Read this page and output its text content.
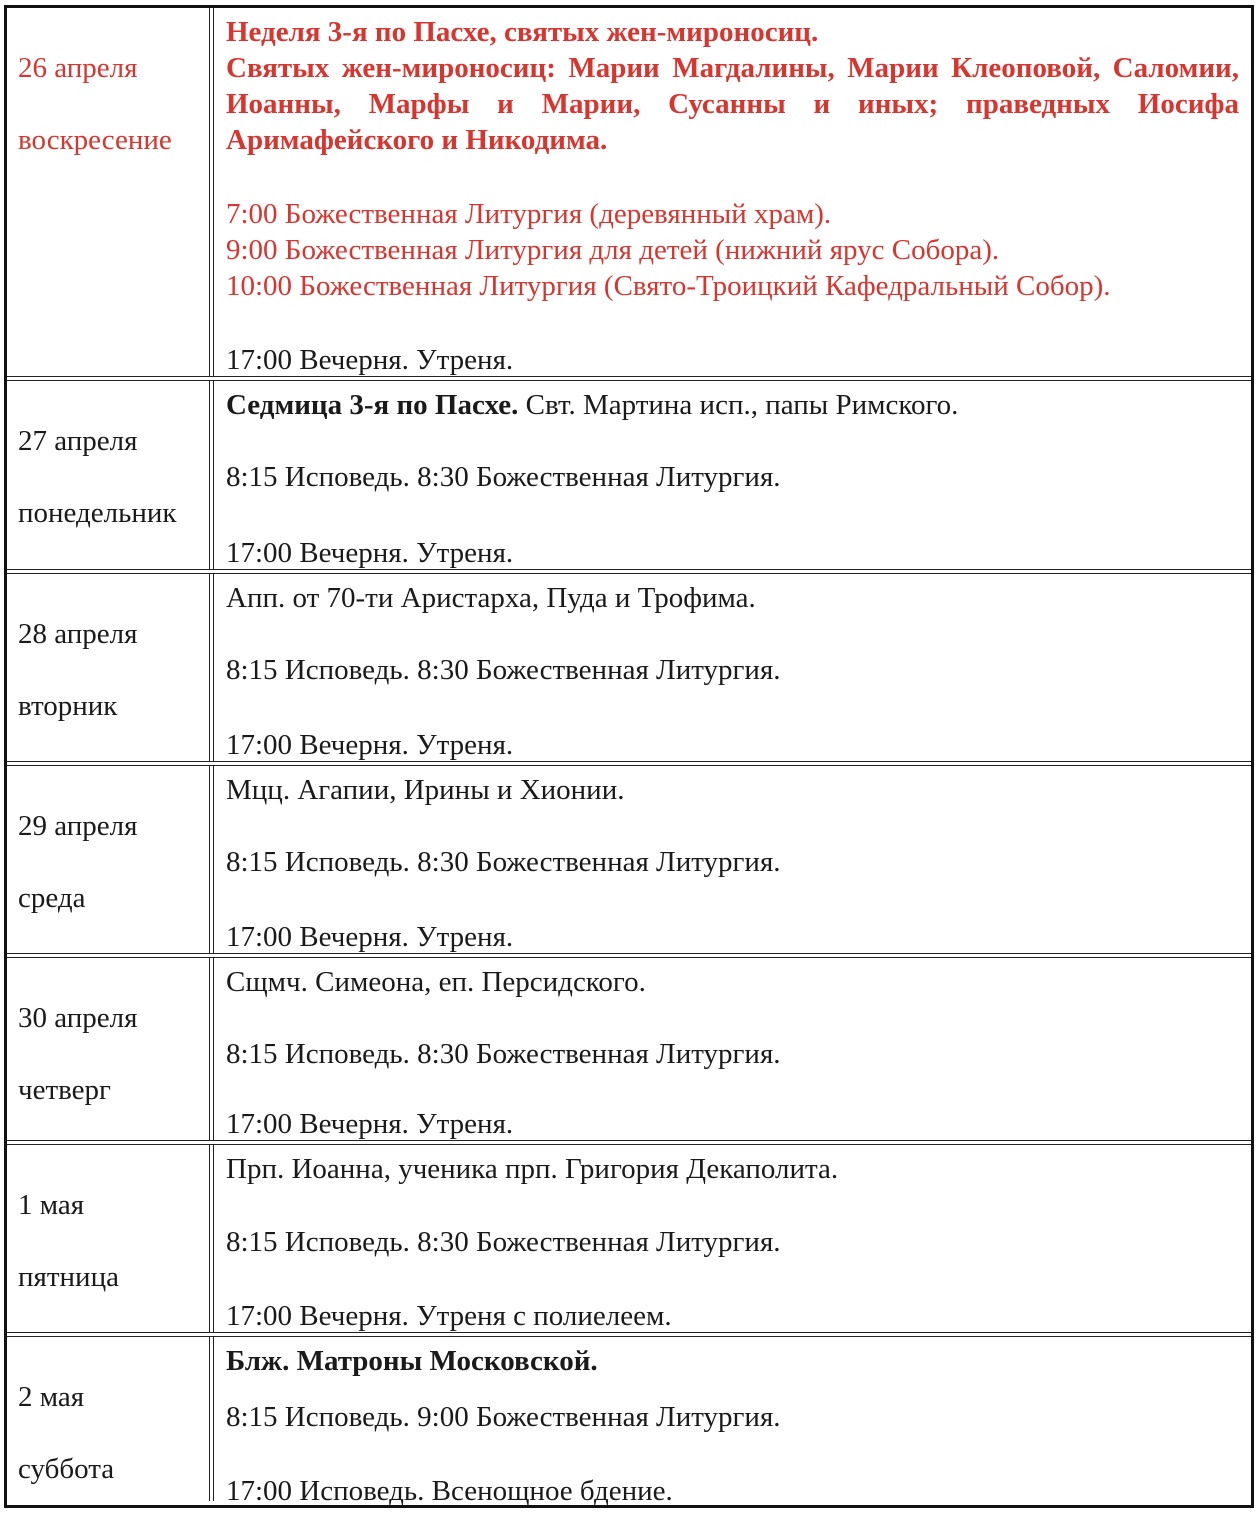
26 апреля

воскресение

Неделя 3-я по Пасхе, святых жен-мироносиц.
Святых жен-мироносиц: Марии Магдалины, Марии Клеоповой, Саломии, Иоанны, Марфы и Марии, Сусанны и иных; праведных Иосифа Аримафейского и Никодима.
7:00 Божественная Литургия (деревянный храм).
9:00 Божественная Литургия для детей (нижний ярус Собора).
10:00 Божественная Литургия (Свято-Троицкий Кафедральный Собор).
17:00 Вечерня. Утреня.

27 апреля

понедельник

Седмица 3-я по Пасхе. Свт. Мартина исп., папы Римского.
8:15 Исповедь. 8:30 Божественная Литургия.
17:00 Вечерня. Утреня.

28 апреля

вторник

Апп. от 70-ти Аристарха, Пуда и Трофима.
8:15 Исповедь. 8:30 Божественная Литургия.
17:00 Вечерня. Утреня.

29 апреля

среда

Мцц. Агапии, Ирины и Хионии.
8:15 Исповедь. 8:30 Божественная Литургия.
17:00 Вечерня. Утреня.

30 апреля

четверг

Сщмч. Симеона, еп. Персидского.
8:15 Исповедь. 8:30 Божественная Литургия.
17:00 Вечерня. Утреня.

1 мая

пятница

Прп. Иоанна, ученика прп. Григория Декаполита.
8:15 Исповедь. 8:30 Божественная Литургия.
17:00 Вечерня. Утреня с полиелеем.

2 мая

суббота

Блж. Матроны Московской.
8:15 Исповедь. 9:00 Божественная Литургия.
17:00 Исповедь. Всенощное бдение.
